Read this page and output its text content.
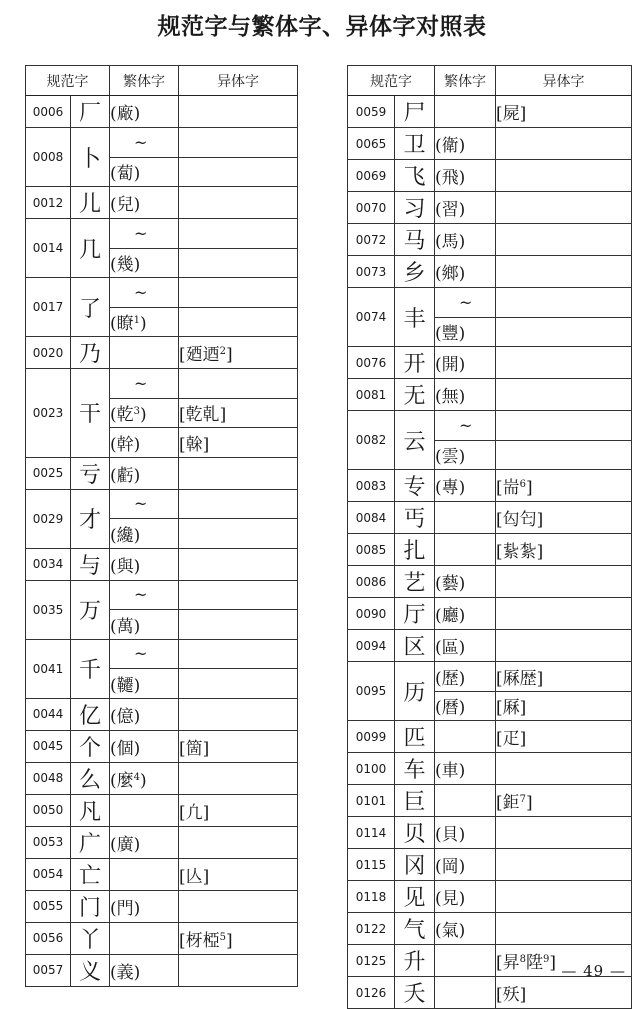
规范字与繁体字、异体字对照表
规范字		繁体字	异体字
0006	厂	(廠)	
0008	卜	~	
		(蔔)	
0012	儿	(兒)	
0014	几	~	
		(幾)	
0017	了	~	
		(瞭$^1$)	
0020	乃		[廼迺$^2$]
0023	干	~	
		(乾$^3$)	[亁乹]
		(幹)	[榦]
0025	亏	(虧)	
0029	才	~	
		(纔)	
0034	与	(與)	
0035	万	~	
		(萬)	
0041	千	~	
		(韆)	
0044	亿	(億)	
0045	个	(個)	[箇]
0048	么	(麼$^4$)	
0050	凡		[凢]
0053	广	(廣)	
0054	亡		[亾]
0055	门	(門)	
0056	丫		[枒椏$^5$]
0057	义	(義)	
规范字		繁体字	异体字
0059	尸		[屍]
0065	卫	(衛)	
0069	飞	(飛)	
0070	习	(習)	
0072	马	(馬)	
0073	乡	(鄉)	
0074	丰	~	
		(豐)	
0076	开	(開)	
0081	无	(無)	
0082	云	~	
		(雲)	
0083	专	(專)	[耑$^6$]
0084	丐		[匃匄]
0085	扎		[紥紮]
0086	艺	(藝)	
0090	厅	(廳)	
0094	区	(區)	
0095	历	(歷)	[厤歴]
		(曆)	[厤]
0099	匹		[疋]
0100	车	(車)	
0101	巨		[鉅$^7$]
0114	贝	(貝)	
0115	冈	(岡)	
0118	见	(見)	
0122	气	(氣)	
0125	升		[昇$^8$陞$^9$]
0126	夭		[殀]
— 49 —
